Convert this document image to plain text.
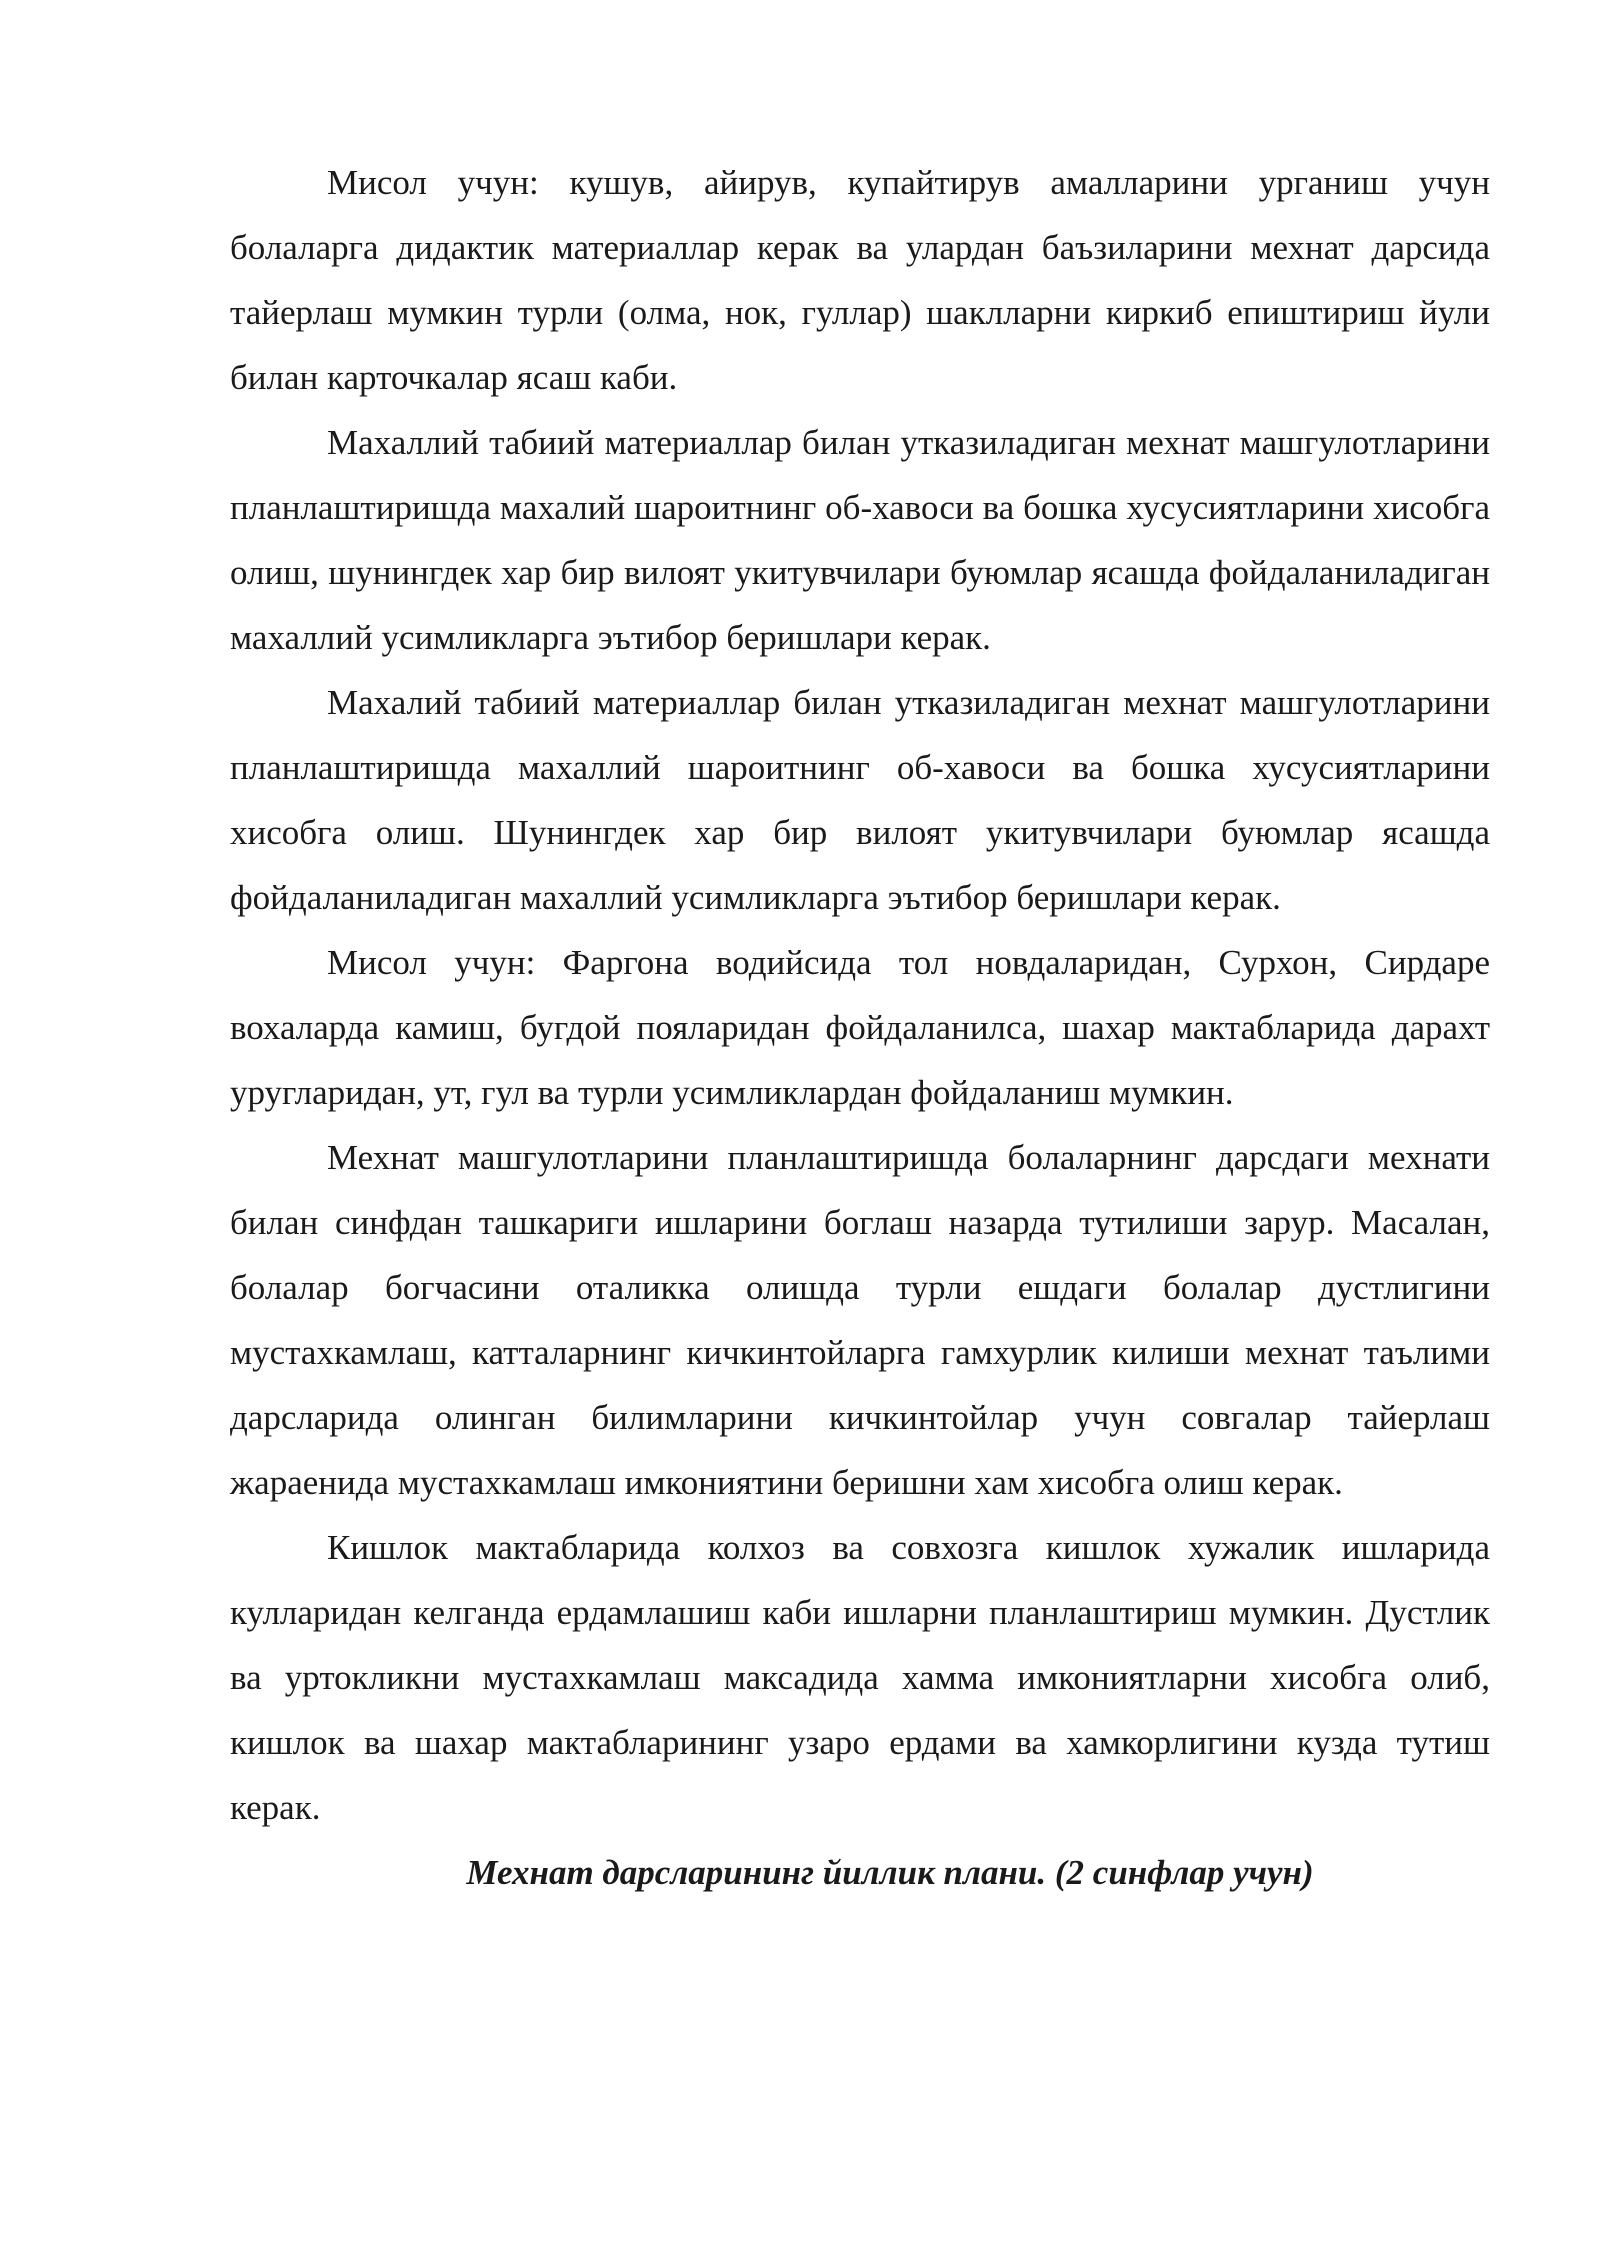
Мисол учун: кушув, айирув, купайтирув амалларини урганиш учун болаларга дидактик материаллар керак ва улардан баъзиларини мехнат дарсида тайерлаш мумкин турли (олма, нок, гуллар) шаклларни киркиб епиштириш йули билан карточкалар ясаш каби.

Махаллий табиий материаллар билан утказиладиган мехнат машгулотларини планлаштиришда махалий шароитнинг об-хавоси ва бошка хусусиятларини хисобга олиш, шунингдек хар бир вилоят укитувчилари буюмлар ясашда фойдаланиладиган махаллий усимликларга эътибор беришлари керак.

Махалий табиий материаллар билан утказиладиган мехнат машгулотларини планлаштиришда махаллий шароитнинг об-хавоси ва бошка хусусиятларини хисобга олиш. Шунингдек хар бир вилоят укитувчилари буюмлар ясашда фойдаланиладиган махаллий усимликларга эътибор беришлари керак.

Мисол учун: Фаргона водийсида тол новдаларидан, Сурхон, Сирдаре вохаларда камиш, бугдой пояларидан фойдаланилса, шахар мактабларида дарахт уругларидан, ут, гул ва турли усимликлардан фойдаланиш мумкин.

Мехнат машгулотларини планлаштиришда болаларнинг дарсдаги мехнати билан синфдан ташкариги ишларини боглаш назарда тутилиши зарур. Масалан, болалар богчасини оталикка олишда турли ешдаги болалар дустлигини мустахкамлаш, катталарнинг кичкинтойларга гамхурлик килиши мехнат таълими дарсларида олинган билимларини кичкинтойлар учун совгалар тайерлаш жараенида мустахкамлаш имкониятини беришни хам хисобга олиш керак.

Кишлок мактабларида колхоз ва совхозга кишлок хужалик ишларида кулларидан келганда ердамлашиш каби ишларни планлаштириш мумкин. Дустлик ва уртокликни мустахкамлаш максадида хамма имкониятларни хисобга олиб, кишлок ва шахар мактабларининг узаро ердами ва хамкорлигини кузда тутиш керак.

Мехнат дарсларининг йиллик плани. (2 синфлар учун)
